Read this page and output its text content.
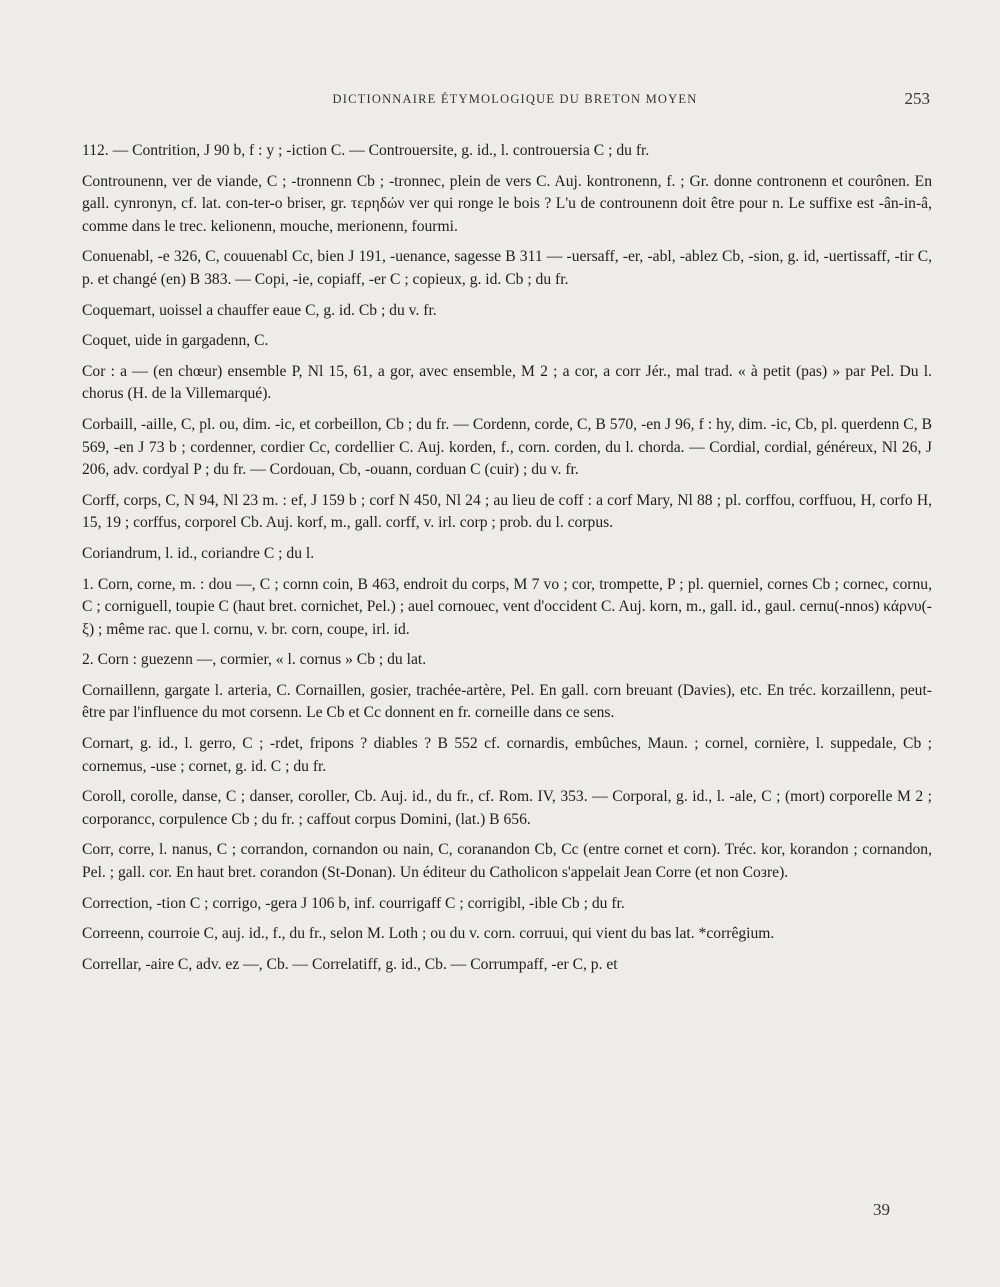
DICTIONNAIRE ÉTYMOLOGIQUE DU BRETON MOYEN	253

112. — Contrition, J 90 b, f : y ; -iction C. — Controuersite, g. id., l. controuersia C ; du fr.

Controunenn, ver de viande, C ; -tronnenn Cb ; -tronnec, plein de vers C. Auj. kontronenn, f. ; Gr. donne contronenn et courônen. En gall. cynronyn, cf. lat. con-ter-o briser, gr. τερηδών ver qui ronge le bois ? L'u de controunenn doit être pour n. Le suffixe est -ân-in-â, comme dans le trec. kelionenn, mouche, merionenn, fourmi.

Conuenabl, -e 326, C, couuenabl Cc, bien J 191, -uenance, sagesse B 311 — -uersaff, -er, -abl, -ablez Cb, -sion, g. id, -uertissaff, -tir C, p. et changé (en) B 383. — Copi, -ie, copiaff, -er C ; copieux, g. id. Cb ; du fr.

Coquemart, uoissel a chauffer eaue C, g. id. Cb ; du v. fr.

Coquet, uide in gargadenn, C.

Cor : a — (en chœur) ensemble P, Nl 15, 61, a gor, avec ensemble, M 2 ; a cor, a corr Jér., mal trad. « à petit (pas) » par Pel. Du l. chorus (H. de la Villemarqué).

Corbaill, -aille, C, pl. ou, dim. -ic, et corbeillon, Cb ; du fr. — Cordenn, corde, C, B 570, -en J 96, f : hy, dim. -ic, Cb, pl. querdenn C, B 569, -en J 73 b ; cordenner, cordier Cc, cordellier C. Auj. korden, f., corn. corden, du l. chorda. — Cordial, cordial, généreux, Nl 26, J 206, adv. cordyal P ; du fr. — Cordouan, Cb, -ouann, corduan C (cuir) ; du v. fr.

Corff, corps, C, N 94, Nl 23 m. : ef, J 159 b ; corf N 450, Nl 24 ; au lieu de coff : a corf Mary, Nl 88 ; pl. corffou, corffuou, H, corfo H, 15, 19 ; corffus, corporel Cb. Auj. korf, m., gall. corff, v. irl. corp ; prob. du l. corpus.

Coriandrum, l. id., coriandre C ; du l.

1. Corn, corne, m. : dou —, C ; cornn coin, B 463, endroit du corps, M 7 vo ; cor, trompette, P ; pl. querniel, cornes Cb ; cornec, cornu, C ; corniguell, toupie C (haut bret. cornichet, Pel.) ; auel cornouec, vent d'occident C. Auj. korn, m., gall. id., gaul. cernu(-nnos) κάρνυ(-ξ) ; même rac. que l. cornu, v. br. corn, coupe, irl. id.

2. Corn : guezenn —, cormier, « l. cornus » Cb ; du lat.

Cornaillenn, gargate l. arteria, C. Cornaillen, gosier, trachée-artère, Pel. En gall. corn breuant (Davies), etc. En tréc. korzaillenn, peut-être par l'influence du mot corsenn. Le Cb et Cc donnent en fr. corneille dans ce sens.

Cornart, g. id., l. gerro, C ; -rdet, fripons ? diables ? B 552 cf. cornardis, embûches, Maun. ; cornel, cornière, l. suppedale, Cb ; cornemus, -use ; cornet, g. id. C ; du fr.

Coroll, corolle, danse, C ; danser, coroller, Cb. Auj. id., du fr., cf. Rom. IV, 353. — Corporal, g. id., l. -ale, C ; (mort) corporelle M 2 ; corporancc, corpulence Cb ; du fr. ; caffout corpus Domini, (lat.) B 656.

Corr, corre, l. nanus, C ; corrandon, cornandon ou nain, C, coranandon Cb, Cc (entre cornet et corn). Tréc. kor, korandon ; cornandon, Pel. ; gall. cor. En haut bret. corandon (St-Donan). Un éditeur du Catholicon s'appelait Jean Corre (et non Coзre).

Correction, -tion C ; corrigo, -gera J 106 b, inf. courrigaff C ; corrigibl, -ible Cb ; du fr.

Correenn, courroie C, auj. id., f., du fr., selon M. Loth ; ou du v. corn. corruui, qui vient du bas lat. *corrêgium.

Correllar, -aire C, adv. ez —, Cb. — Correlatiff, g. id., Cb. — Corrumpaff, -er C, p. et

39
